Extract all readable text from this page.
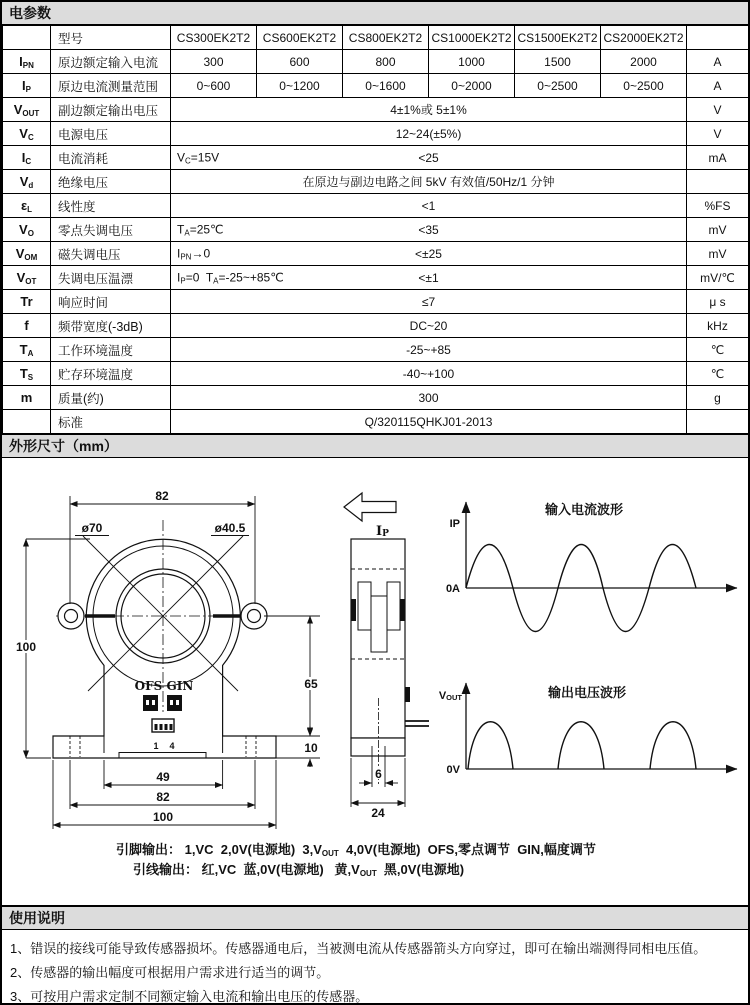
电参数
	型号	CS300EK2T2	CS600EK2T2	CS800EK2T2	CS1000EK2T2	CS1500EK2T2	CS2000EK2T2	
$I_{PN}$	原边额定输入电流	300	600	800	1000	1500	2000	A
$I_P$	原边电流测量范围	0~600	0~1200	0~1600	0~2000	0~2500	0~2500	A
$V_{OUT}$	副边额定输出电压	4±1%或 5±1%						V
$V_C$	电源电压	12~24(±5%)						V
$I_C$	电流消耗	$V_C=15V <25$						mA
$V_d$	绝缘电压	在原边与副边电路之间 5kV 有效值/50Hz/1 分钟						
$\varepsilon_L$	线性度	<1						%FS
$V_O$	零点失调电压	$T_A=25℃ <35$						mV
$V_{OM}$	磁失调电压	$I_{PN}\to 0 <\pm 25$						mV
$V_{OT}$	失调电压温漂	$I_P=0$  $T_A=-25\sim+85℃ <\pm 1$						mV/℃
Tr	响应时间	≤7						μ s
f	频带宽度(-3dB)	DC~20						kHz
$T_A$	工作环境温度	-25~+85						℃
$T_S$	贮存环境温度	-40~+100						℃
m	质量(约)	300						g
	标准	Q/320115QHKJ01-2013						
外形尺寸（mm）
OFS GIN
1 4
82
ø70	ø40.5
100
65
10
49
82
100
IP
6
24
IP
0A
输入电流波形
VOUT
0V
输出电压波形
引脚输出： 1,VC  2,0V(电源地)  $3,V_{OUT}$  4,0V(电源地)  OFS,零点调节  GIN,幅度调节
引线输出： 红,VC  蓝,0V(电源地)   黄$,V_{OUT}$  黑,0V(电源地)
使用说明
1、错误的接线可能导致传感器损坏。传感器通电后，当被测电流从传感器箭头方向穿过，即可在输出端测得同相电压值。
2、传感器的输出幅度可根据用户需求进行适当的调节。
3、可按用户需求定制不同额定输入电流和输出电压的传感器。
